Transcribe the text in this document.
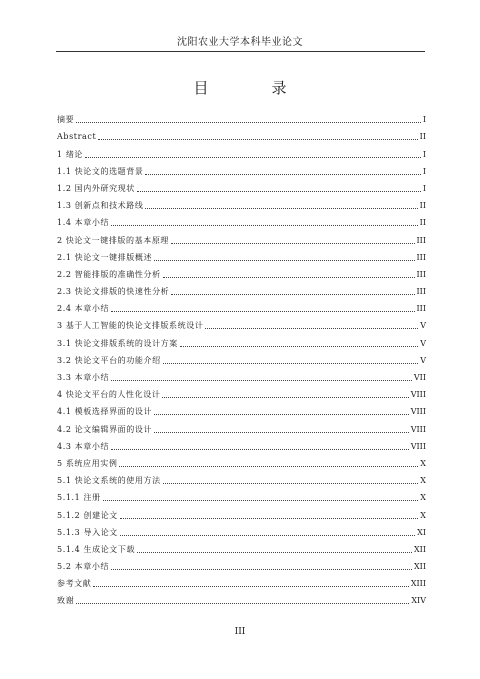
沈阳农业大学本科毕业论文
目　录
摘要	I
Abstract	II
1 绪论	I
1.1 快论文的选题背景	I
1.2 国内外研究现状	I
1.3 创新点和技术路线	II
1.4 本章小结	II
2 快论文一键排版的基本原理	III
2.1 快论文一键排版概述	III
2.2 智能排版的准确性分析	III
2.3 快论文排版的快速性分析	III
2.4 本章小结	III
3 基于人工智能的快论文排版系统设计	V
3.1 快论文排版系统的设计方案	V
3.2 快论文平台的功能介绍	V
3.3 本章小结	VII
4 快论文平台的人性化设计	VIII
4.1 模板选择界面的设计	VIII
4.2 论文编辑界面的设计	VIII
4.3 本章小结	VIII
5 系统应用实例	X
5.1 快论文系统的使用方法	X
5.1.1 注册	X
5.1.2 创建论文	X
5.1.3 导入论文	XI
5.1.4 生成论文下载	XII
5.2 本章小结	XII
参考文献	XIII
致谢	XIV
III
